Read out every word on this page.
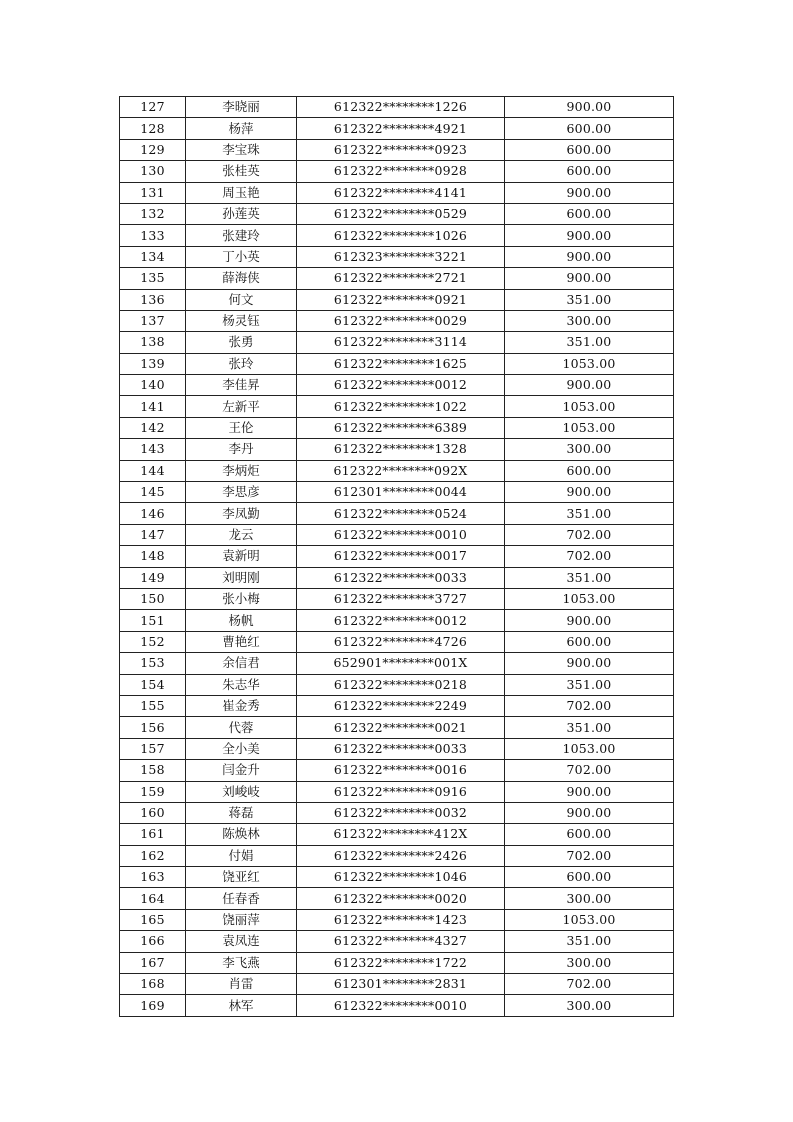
127	李晓丽	612322********1226	900.00
128	杨萍	612322********4921	600.00
129	李宝珠	612322********0923	600.00
130	张桂英	612322********0928	600.00
131	周玉艳	612322********4141	900.00
132	孙莲英	612322********0529	600.00
133	张建玲	612322********1026	900.00
134	丁小英	612323********3221	900.00
135	薛海侠	612322********2721	900.00
136	何文	612322********0921	351.00
137	杨灵钰	612322********0029	300.00
138	张勇	612322********3114	351.00
139	张玲	612322********1625	1053.00
140	李佳昇	612322********0012	900.00
141	左新平	612322********1022	1053.00
142	王伦	612322********6389	1053.00
143	李丹	612322********1328	300.00
144	李炳炬	612322********092X	600.00
145	李思彦	612301********0044	900.00
146	李凤勤	612322********0524	351.00
147	龙云	612322********0010	702.00
148	袁新明	612322********0017	702.00
149	刘明刚	612322********0033	351.00
150	张小梅	612322********3727	1053.00
151	杨帆	612322********0012	900.00
152	曹艳红	612322********4726	600.00
153	余信君	652901********001X	900.00
154	朱志华	612322********0218	351.00
155	崔金秀	612322********2249	702.00
156	代蓉	612322********0021	351.00
157	全小美	612322********0033	1053.00
158	闫金升	612322********0016	702.00
159	刘峻岐	612322********0916	900.00
160	蒋磊	612322********0032	900.00
161	陈焕林	612322********412X	600.00
162	付娟	612322********2426	702.00
163	饶亚红	612322********1046	600.00
164	任春香	612322********0020	300.00
165	饶丽萍	612322********1423	1053.00
166	袁凤连	612322********4327	351.00
167	李飞燕	612322********1722	300.00
168	肖雷	612301********2831	702.00
169	林军	612322********0010	300.00
